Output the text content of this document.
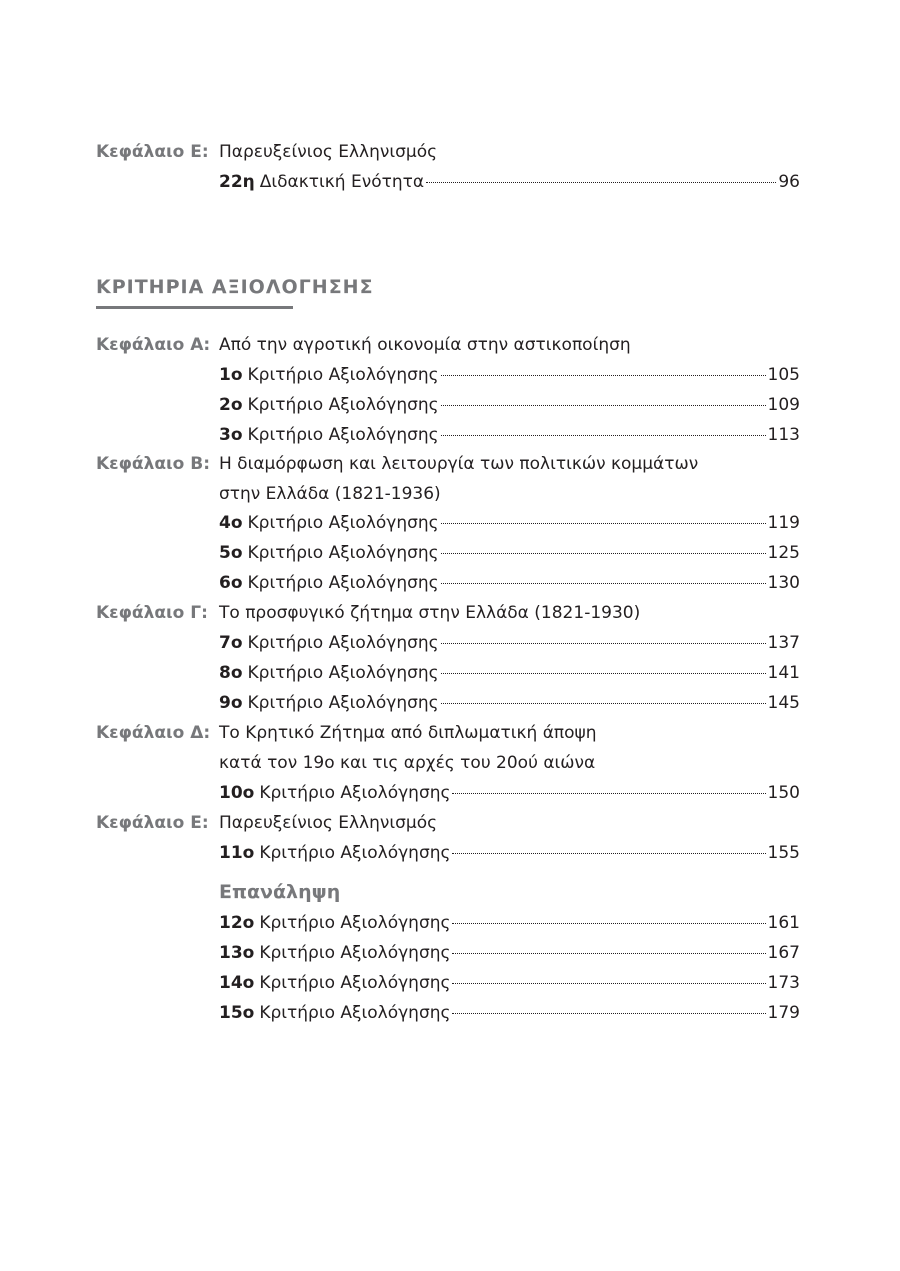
Κεφάλαιο Ε: Παρευξείνιος Ελληνισμός
22η Διδακτική Ενότητα	96
ΚΡΙΤΗΡΙΑ ΑΞΙΟΛΟΓΗΣΗΣ
Κεφάλαιο Α: Από την αγροτική οικονομία στην αστικοποίηση
1ο Κριτήριο Αξιολόγησης	105
2ο Κριτήριο Αξιολόγησης	109
3ο Κριτήριο Αξιολόγησης	113
Κεφάλαιο Β: Η διαμόρφωση και λειτουργία των πολιτικών κομμάτων
στην Ελλάδα (1821-1936)
4ο Κριτήριο Αξιολόγησης	119
5ο Κριτήριο Αξιολόγησης	125
6ο Κριτήριο Αξιολόγησης	130
Κεφάλαιο Γ: Το προσφυγικό ζήτημα στην Ελλάδα (1821-1930)
7ο Κριτήριο Αξιολόγησης	137
8ο Κριτήριο Αξιολόγησης	141
9ο Κριτήριο Αξιολόγησης	145
Κεφάλαιο Δ: Το Κρητικό Ζήτημα από διπλωματική άποψη
κατά τον 19ο και τις αρχές του 20ού αιώνα
10ο Κριτήριο Αξιολόγησης	150
Κεφάλαιο Ε: Παρευξείνιος Ελληνισμός
11ο Κριτήριο Αξιολόγησης	155
Επανάληψη
12ο Κριτήριο Αξιολόγησης	161
13ο Κριτήριο Αξιολόγησης	167
14ο Κριτήριο Αξιολόγησης	173
15ο Κριτήριο Αξιολόγησης	179
